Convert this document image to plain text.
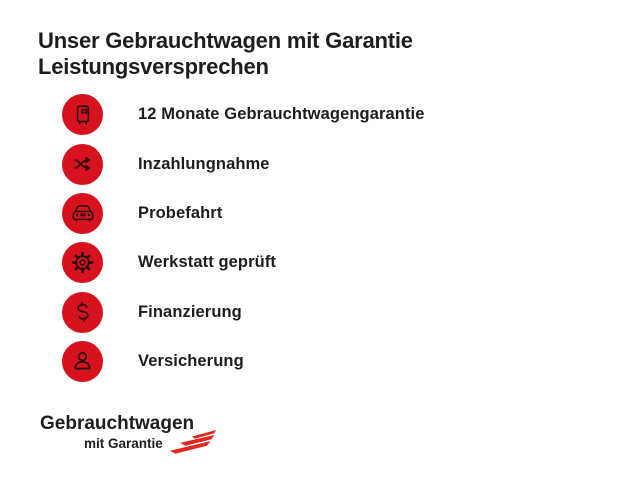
Unser Gebrauchtwagen mit Garantie
Leistungsversprechen
12 Monate Gebrauchtwagengarantie
Inzahlungnahme
Probefahrt
Werkstatt geprüft
Finanzierung
Versicherung
Gebrauchtwagen
mit Garantie
